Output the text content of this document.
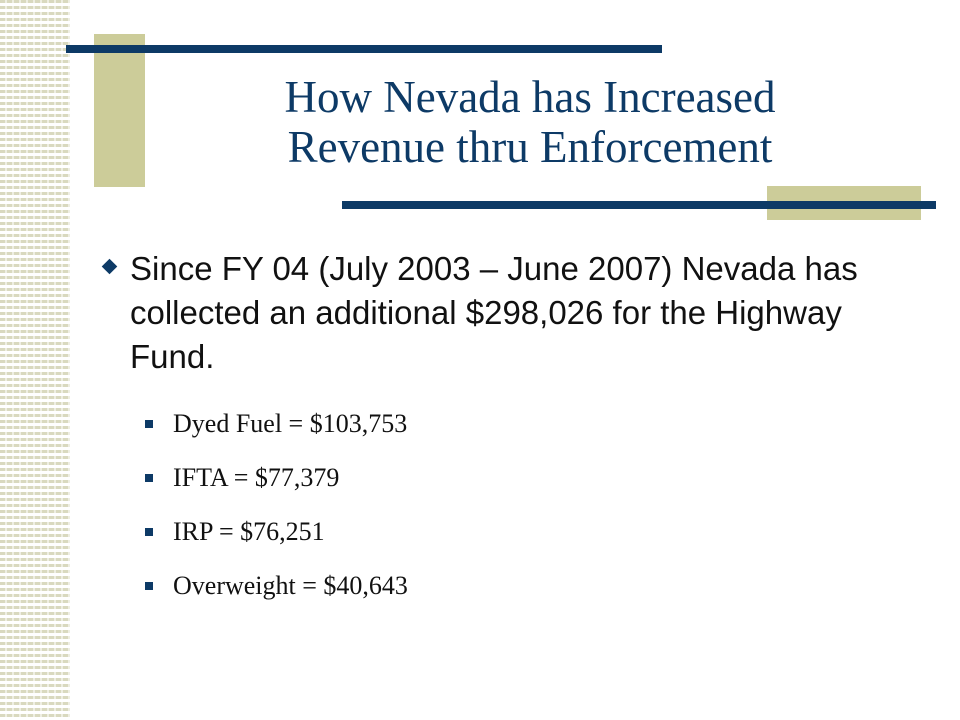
How Nevada has Increased
Revenue thru Enforcement
Since FY 04 (July 2003 – June 2007) Nevada has collected an additional $298,026 for the Highway Fund.
Dyed Fuel = $103,753
IFTA = $77,379
IRP = $76,251
Overweight = $40,643
